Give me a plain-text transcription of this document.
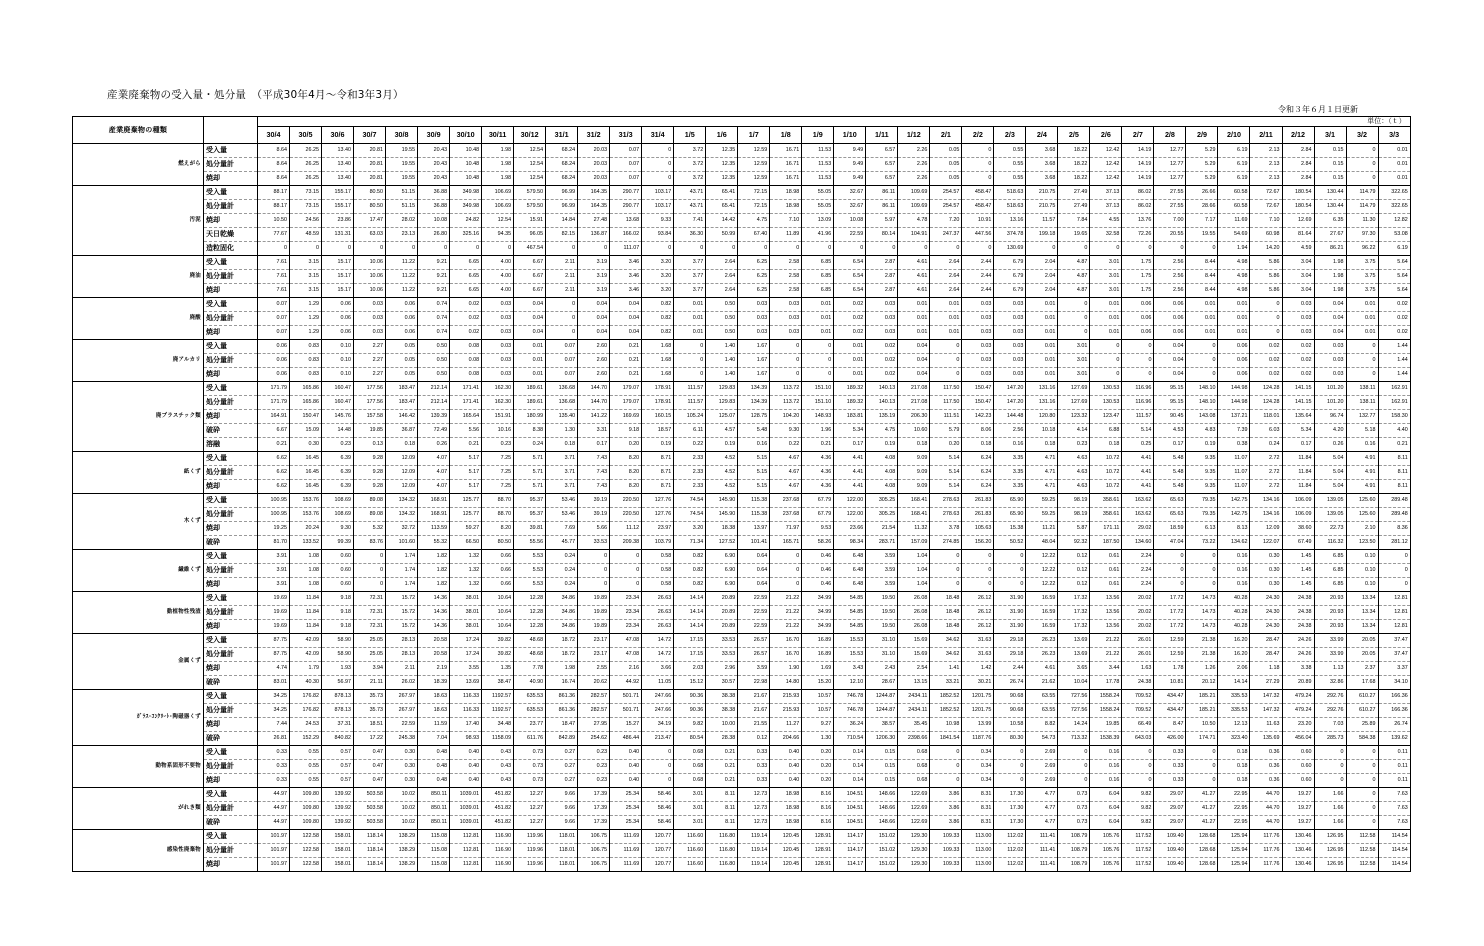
産業廃棄物の受入量・処分量　（平成30年4月～令和3年3月）
令和３年６月１日更新
産業廃棄物の種類		単位：（ｔ）																																			
		30/4	30/5	30/6	30/7	30/8	30/9	30/10	30/11	30/12	31/1	31/2	31/3	31/4	1/5	1/6	1/7	1/8	1/9	1/10	1/11	1/12	2/1	2/2	2/3	2/4	2/5	2/6	2/7	2/8	2/9	2/10	2/11	2/12	3/1	3/2	3/3
燃えがら	受入量	8.64	26.25	13.40	20.81	19.55	20.43	10.48	1.98	12.54	68.24	20.03	0.07	0	3.72	12.35	12.59	16.71	11.53	9.49	6.57	2.26	0.05	0	0.55	3.68	18.22	12.42	14.19	12.77	5.29	6.19	2.13	2.84	0.15	0	0.01
	処分量計	8.64	26.25	13.40	20.81	19.55	20.43	10.48	1.98	12.54	68.24	20.03	0.07	0	3.72	12.35	12.59	16.71	11.53	9.49	6.57	2.26	0.05	0	0.55	3.68	18.22	12.42	14.19	12.77	5.29	6.19	2.13	2.84	0.15	0	0.01
	焼却	8.64	26.25	13.40	20.81	19.55	20.43	10.48	1.98	12.54	68.24	20.03	0.07	0	3.72	12.35	12.59	16.71	11.53	9.49	6.57	2.26	0.05	0	0.55	3.68	18.22	12.42	14.19	12.77	5.29	6.19	2.13	2.84	0.15	0	0.01
汚泥	受入量	88.17	73.15	155.17	80.50	51.15	36.88	349.98	106.69	579.50	96.99	164.35	290.77	103.17	43.71	65.41	72.15	18.98	55.05	32.67	86.11	109.69	254.57	458.47	518.63	210.75	27.49	37.13	86.02	27.55	26.66	60.58	72.67	180.54	130.44	114.79	322.65
	処分量計	88.17	73.15	155.17	80.50	51.15	36.88	349.98	106.69	579.50	96.99	164.35	290.77	103.17	43.71	65.41	72.15	18.98	55.05	32.67	86.11	109.69	254.57	458.47	518.63	210.75	27.49	37.13	86.02	27.55	28.66	60.58	72.67	180.54	130.44	114.79	322.65
	焼却	10.50	24.56	23.86	17.47	28.02	10.08	24.82	12.54	15.91	14.84	27.48	13.68	9.33	7.41	14.42	4.75	7.10	13.09	10.08	5.97	4.78	7.20	10.91	13.16	11.57	7.84	4.55	13.76	7.00	7.17	11.69	7.10	12.69	6.35	11.30	12.82
	天日乾燥	77.67	48.59	131.31	63.03	23.13	26.80	325.16	94.35	96.05	82.15	136.87	166.02	93.84	36.30	50.99	67.40	11.89	41.96	22.59	80.14	104.91	247.37	447.56	374.78	199.18	19.65	32.58	72.26	20.55	19.55	54.69	60.98	81.64	27.67	97.30	53.08
	造粒固化	0	0	0	0	0	0	0	0	467.54	0	0	111.07	0	0	0	0	0	0	0	0	0	0	0	130.69	0	0	0	0	0	0	1.94	14.20	4.59	86.21	96.22	6.19
廃油	受入量	7.61	3.15	15.17	10.06	11.22	9.21	6.65	4.00	6.67	2.11	3.19	3.46	3.20	3.77	2.64	6.25	2.58	6.85	6.54	2.87	4.61	2.64	2.44	6.79	2.04	4.87	3.01	1.75	2.56	8.44	4.98	5.86	3.04	1.98	3.75	5.64
	処分量計	7.61	3.15	15.17	10.06	11.22	9.21	6.65	4.00	6.67	2.11	3.19	3.46	3.20	3.77	2.64	6.25	2.58	6.85	6.54	2.87	4.61	2.64	2.44	6.79	2.04	4.87	3.01	1.75	2.56	8.44	4.98	5.86	3.04	1.98	3.75	5.64
	焼却	7.61	3.15	15.17	10.06	11.22	9.21	6.65	4.00	6.67	2.11	3.19	3.46	3.20	3.77	2.64	6.25	2.58	6.85	6.54	2.87	4.61	2.64	2.44	6.79	2.04	4.87	3.01	1.75	2.56	8.44	4.98	5.86	3.04	1.98	3.75	5.64
廃酸	受入量	0.07	1.29	0.06	0.03	0.06	0.74	0.02	0.03	0.04	0	0.04	0.04	0.82	0.01	0.50	0.03	0.03	0.01	0.02	0.03	0.01	0.01	0.03	0.03	0.01	0	0.01	0.06	0.06	0.01	0.01	0	0.03	0.04	0.01	0.02
	処分量計	0.07	1.29	0.06	0.03	0.06	0.74	0.02	0.03	0.04	0	0.04	0.04	0.82	0.01	0.50	0.03	0.03	0.01	0.02	0.03	0.01	0.01	0.03	0.03	0.01	0	0.01	0.06	0.06	0.01	0.01	0	0.03	0.04	0.01	0.02
	焼却	0.07	1.29	0.06	0.03	0.06	0.74	0.02	0.03	0.04	0	0.04	0.04	0.82	0.01	0.50	0.03	0.03	0.01	0.02	0.03	0.01	0.01	0.03	0.03	0.01	0	0.01	0.06	0.06	0.01	0.01	0	0.03	0.04	0.01	0.02
廃アルカリ	受入量	0.06	0.83	0.10	2.27	0.05	0.50	0.08	0.03	0.01	0.07	2.60	0.21	1.68	0	1.40	1.67	0	0	0.01	0.02	0.04	0	0.03	0.03	0.01	3.01	0	0	0.04	0	0.06	0.02	0.02	0.03	0	1.44
	処分量計	0.06	0.83	0.10	2.27	0.05	0.50	0.08	0.03	0.01	0.07	2.60	0.21	1.68	0	1.40	1.67	0	0	0.01	0.02	0.04	0	0.03	0.03	0.01	3.01	0	0	0.04	0	0.06	0.02	0.02	0.03	0	1.44
	焼却	0.06	0.83	0.10	2.27	0.05	0.50	0.08	0.03	0.01	0.07	2.60	0.21	1.68	0	1.40	1.67	0	0	0.01	0.02	0.04	0	0.03	0.03	0.01	3.01	0	0	0.04	0	0.06	0.02	0.02	0.03	0	1.44
廃プラスチック類	受入量	171.79	165.86	160.47	177.56	183.47	212.14	171.41	162.30	189.61	136.68	144.70	179.07	178.91	111.57	129.83	134.39	113.72	151.10	189.32	140.13	217.08	117.50	150.47	147.20	131.16	127.69	130.53	116.96	95.15	148.10	144.98	124.28	141.15	101.20	138.11	162.91
	処分量計	171.79	165.86	160.47	177.56	183.47	212.14	171.41	162.30	189.61	136.68	144.70	179.07	178.91	111.57	129.83	134.39	113.72	151.10	189.32	140.13	217.08	117.50	150.47	147.20	131.16	127.69	130.53	116.96	95.15	148.10	144.98	124.28	141.15	101.20	138.11	162.91
	焼却	164.91	150.47	145.76	157.58	146.42	139.39	165.64	151.91	180.99	135.40	141.22	169.69	160.15	105.24	125.07	128.75	104.20	148.93	183.81	135.19	206.30	111.51	142.23	144.48	120.80	123.32	123.47	111.57	90.45	143.08	137.21	118.01	135.64	96.74	132.77	158.30
	破砕	6.67	15.09	14.48	19.85	36.87	72.49	5.56	10.16	8.38	1.30	3.31	9.18	18.57	6.11	4.57	5.48	9.30	1.96	5.34	4.75	10.60	5.79	8.06	2.56	10.18	4.14	6.88	5.14	4.53	4.83	7.39	6.03	5.34	4.20	5.18	4.40
	溶融	0.21	0.30	0.23	0.13	0.18	0.26	0.21	0.23	0.24	0.18	0.17	0.20	0.19	0.22	0.19	0.16	0.22	0.21	0.17	0.19	0.18	0.20	0.18	0.16	0.18	0.23	0.18	0.25	0.17	0.19	0.38	0.24	0.17	0.26	0.16	0.21
紙くず	受入量	6.62	16.45	6.39	9.28	12.09	4.07	5.17	7.25	5.71	3.71	7.43	8.20	8.71	2.33	4.52	5.15	4.67	4.36	4.41	4.08	9.09	5.14	6.24	3.35	4.71	4.63	10.72	4.41	5.48	9.35	11.07	2.72	11.84	5.04	4.91	8.11
	処分量計	6.62	16.45	6.39	9.28	12.09	4.07	5.17	7.25	5.71	3.71	7.43	8.20	8.71	2.33	4.52	5.15	4.67	4.36	4.41	4.08	9.09	5.14	6.24	3.35	4.71	4.63	10.72	4.41	5.48	9.35	11.07	2.72	11.84	5.04	4.91	8.11
	焼却	6.62	16.45	6.39	9.28	12.09	4.07	5.17	7.25	5.71	3.71	7.43	8.20	8.71	2.33	4.52	5.15	4.67	4.36	4.41	4.08	9.09	5.14	6.24	3.35	4.71	4.63	10.72	4.41	5.48	9.35	11.07	2.72	11.84	5.04	4.91	8.11
木くず	受入量	100.95	153.76	108.69	89.08	134.32	168.91	125.77	88.70	95.37	53.46	39.19	220.50	127.76	74.54	145.90	115.38	237.68	67.79	122.00	305.25	168.41	278.63	261.83	65.90	59.25	98.19	358.61	163.62	65.63	79.35	142.75	134.16	106.09	139.05	125.60	289.48
	処分量計	100.95	153.76	108.69	89.08	134.32	168.91	125.77	88.70	95.37	53.46	39.19	220.50	127.76	74.54	145.90	115.38	237.68	67.79	122.00	305.25	168.41	278.63	261.83	65.90	59.25	98.19	358.61	163.62	65.63	79.35	142.75	134.16	106.09	139.05	125.60	289.48
	焼却	19.25	20.24	9.30	5.32	32.72	113.59	59.27	8.20	39.81	7.69	5.66	11.12	23.97	3.20	18.38	13.97	71.97	9.53	23.66	21.54	11.32	3.78	105.63	15.38	11.21	5.87	171.11	29.02	18.59	6.13	8.13	12.09	38.60	22.73	2.10	8.36
	破砕	81.70	133.52	99.39	83.76	101.60	55.32	66.50	80.50	55.56	45.77	33.53	209.38	103.79	71.34	127.52	101.41	165.71	58.26	98.34	283.71	157.09	274.85	156.20	50.52	48.04	92.32	187.50	134.60	47.04	73.22	134.62	122.07	67.49	116.32	123.50	281.12
繊維くず	受入量	3.91	1.08	0.60	0	1.74	1.82	1.32	0.66	5.53	0.24	0	0	0.58	0.82	6.90	0.64	0	0.46	6.48	3.59	1.04	0	0	0	12.22	0.12	0.61	2.24	0	0	0.16	0.30	1.45	6.85	0.10	0
	処分量計	3.91	1.08	0.60	0	1.74	1.82	1.32	0.66	5.53	0.24	0	0	0.58	0.82	6.90	0.64	0	0.46	6.48	3.59	1.04	0	0	0	12.22	0.12	0.61	2.24	0	0	0.16	0.30	1.45	6.85	0.10	0
	焼却	3.91	1.08	0.60	0	1.74	1.82	1.32	0.66	5.53	0.24	0	0	0.58	0.82	6.90	0.64	0	0.46	6.48	3.59	1.04	0	0	0	12.22	0.12	0.61	2.24	0	0	0.16	0.30	1.45	6.85	0.10	0
動植物性残渣	受入量	19.69	11.84	9.18	72.31	15.72	14.36	38.01	10.64	12.28	34.86	19.89	23.34	26.63	14.14	20.89	22.59	21.22	34.99	54.85	19.50	26.08	18.48	26.12	31.90	16.59	17.32	13.56	20.02	17.72	14.73	40.28	24.30	24.38	20.93	13.34	12.81
	処分量計	19.69	11.84	9.18	72.31	15.72	14.36	38.01	10.64	12.28	34.86	19.89	23.34	26.63	14.14	20.89	22.59	21.22	34.99	54.85	19.50	26.08	18.48	26.12	31.90	16.59	17.32	13.56	20.02	17.72	14.73	40.28	24.30	24.38	20.93	13.34	12.81
	焼却	19.69	11.84	9.18	72.31	15.72	14.36	38.01	10.64	12.28	34.86	19.89	23.34	26.63	14.14	20.89	22.59	21.22	34.99	54.85	19.50	26.08	18.48	26.12	31.90	16.59	17.32	13.56	20.02	17.72	14.73	40.28	24.30	24.38	20.93	13.34	12.81
金属くず	受入量	87.75	42.09	58.90	25.05	28.13	20.58	17.24	39.82	48.68	18.72	23.17	47.08	14.72	17.15	33.53	26.57	16.70	16.89	15.53	31.10	15.69	34.62	31.63	29.18	26.23	13.69	21.22	26.01	12.59	21.38	16.20	28.47	24.26	33.99	20.05	37.47
	処分量計	87.75	42.09	58.90	25.05	28.13	20.58	17.24	39.82	48.68	18.72	23.17	47.08	14.72	17.15	33.53	26.57	16.70	16.89	15.53	31.10	15.69	34.62	31.63	29.18	26.23	13.69	21.22	26.01	12.59	21.38	16.20	28.47	24.26	33.99	20.05	37.47
	焼却	4.74	1.79	1.93	3.94	2.11	2.19	3.55	1.35	7.78	1.98	2.55	2.16	3.66	2.03	2.96	3.59	1.90	1.69	3.43	2.43	2.54	1.41	1.42	2.44	4.61	3.65	3.44	1.63	1.78	1.26	2.06	1.18	3.38	1.13	2.37	3.37
	破砕	83.01	40.30	56.97	21.11	26.02	18.39	13.69	38.47	40.90	16.74	20.62	44.92	11.05	15.12	30.57	22.98	14.80	15.20	12.10	28.67	13.15	33.21	30.21	26.74	21.62	10.04	17.78	24.38	10.81	20.12	14.14	27.29	20.89	32.86	17.68	34.10
ｶﾞﾗｽ･ｺﾝｸﾘｰﾄ･陶磁器くず	受入量	34.25	176.82	878.13	35.73	267.97	18.63	116.33	1192.57	635.53	861.36	282.57	501.71	247.66	90.36	38.38	21.67	215.93	10.57	746.78	1244.87	2434.11	1852.52	1201.75	90.68	63.55	727.56	1558.24	709.52	434.47	185.21	335.53	147.32	479.24	292.76	610.27	166.36
	処分量計	34.25	176.82	878.13	35.73	267.97	18.63	116.33	1192.57	635.53	861.36	282.57	501.71	247.66	90.36	38.38	21.67	215.93	10.57	746.78	1244.87	2434.11	1852.52	1201.75	90.68	63.55	727.56	1558.24	709.52	434.47	185.21	335.53	147.32	479.24	292.76	610.27	166.36
	焼却	7.44	24.53	37.31	18.51	22.59	11.59	17.40	34.48	23.77	18.47	27.95	15.27	34.19	9.82	10.00	21.55	11.27	9.27	36.24	38.57	35.45	10.98	13.99	10.58	8.82	14.24	19.85	66.49	8.47	10.50	12.13	11.63	23.20	7.03	25.89	26.74
	破砕	26.81	152.29	840.82	17.22	245.38	7.04	98.93	1158.09	611.76	842.89	254.62	486.44	213.47	80.54	28.38	0.12	204.66	1.30	710.54	1206.30	2398.66	1841.54	1187.76	80.30	54.73	713.32	1538.39	643.03	426.00	174.71	323.40	135.69	456.04	285.73	584.38	139.62
動物系固形不要物	受入量	0.33	0.55	0.57	0.47	0.30	0.48	0.40	0.43	0.73	0.27	0.23	0.40	0	0.68	0.21	0.33	0.40	0.20	0.14	0.15	0.68	0	0.34	0	2.69	0	0.16	0	0.33	0	0.18	0.36	0.60	0	0	0.11
	処分量計	0.33	0.55	0.57	0.47	0.30	0.48	0.40	0.43	0.73	0.27	0.23	0.40	0	0.68	0.21	0.33	0.40	0.20	0.14	0.15	0.68	0	0.34	0	2.69	0	0.16	0	0.33	0	0.18	0.36	0.60	0	0	0.11
	焼却	0.33	0.55	0.57	0.47	0.30	0.48	0.40	0.43	0.73	0.27	0.23	0.40	0	0.68	0.21	0.33	0.40	0.20	0.14	0.15	0.68	0	0.34	0	2.69	0	0.16	0	0.33	0	0.18	0.36	0.60	0	0	0.11
がれき類	受入量	44.97	109.80	139.92	503.58	10.02	850.11	1039.01	451.82	12.27	9.66	17.39	25.34	58.46	3.01	8.11	12.73	18.98	8.16	104.51	148.66	122.69	3.86	8.31	17.30	4.77	0.73	6.04	9.82	29.07	41.27	22.95	44.70	19.27	1.66	0	7.63
	処分量計	44.97	109.80	139.92	503.58	10.02	850.11	1039.01	451.82	12.27	9.66	17.39	25.34	58.46	3.01	8.11	12.73	18.98	8.16	104.51	148.66	122.69	3.86	8.31	17.30	4.77	0.73	6.04	9.82	29.07	41.27	22.95	44.70	19.27	1.66	0	7.63
	破砕	44.97	109.80	139.92	503.58	10.02	850.11	1039.01	451.82	12.27	9.66	17.39	25.34	58.46	3.01	8.11	12.73	18.98	8.16	104.51	148.66	122.69	3.86	8.31	17.30	4.77	0.73	6.04	9.82	29.07	41.27	22.95	44.70	19.27	1.66	0	7.63
感染性廃棄物	受入量	101.97	122.58	158.01	118.14	138.29	115.08	112.81	116.90	119.96	118.01	106.75	111.69	120.77	116.60	116.80	119.14	120.45	128.91	114.17	151.02	129.30	109.33	113.00	112.02	111.41	108.79	105.76	117.52	109.40	128.68	125.94	117.76	130.46	126.95	112.58	114.54
	処分量計	101.97	122.58	158.01	118.14	138.29	115.08	112.81	116.90	119.96	118.01	106.75	111.69	120.77	116.60	116.80	119.14	120.45	128.91	114.17	151.02	129.30	109.33	113.00	112.02	111.41	108.79	105.76	117.52	109.40	128.68	125.94	117.76	130.46	126.95	112.58	114.54
	焼却	101.97	122.58	158.01	118.14	138.29	115.08	112.81	116.90	119.96	118.01	106.75	111.69	120.77	116.60	116.80	119.14	120.45	128.91	114.17	151.02	129.30	109.33	113.00	112.02	111.41	108.79	105.76	117.52	109.40	128.68	125.94	117.76	130.46	126.95	112.58	114.54
